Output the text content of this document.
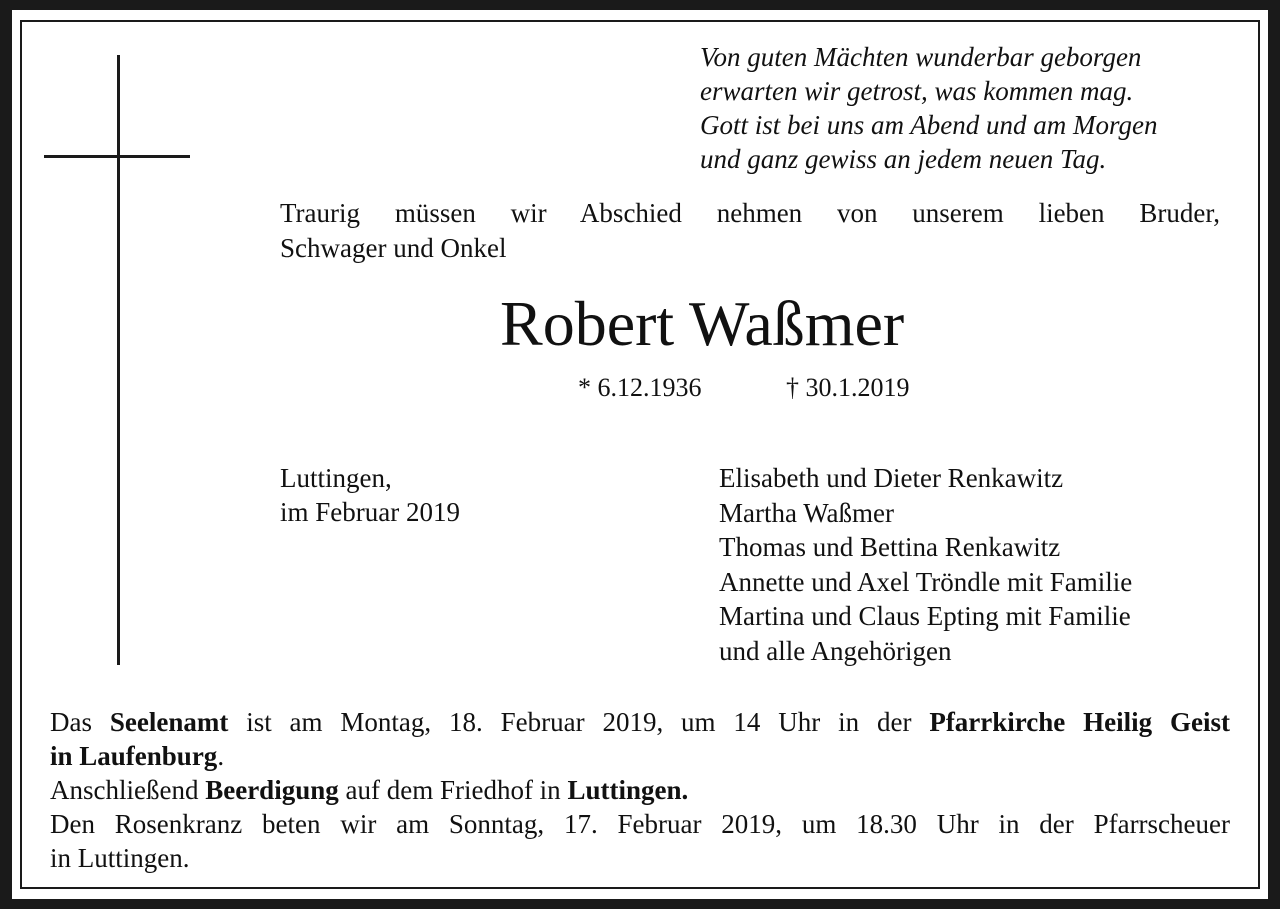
Von guten Mächten wunderbar geborgen
erwarten wir getrost, was kommen mag.
Gott ist bei uns am Abend und am Morgen
und ganz gewiss an jedem neuen Tag.
Traurig müssen wir Abschied nehmen von unserem lieben Bruder,
Schwager und Onkel
Robert Waßmer
* 6.12.1936	† 30.1.2019
Luttingen,
im Februar 2019
Elisabeth und Dieter Renkawitz
Martha Waßmer
Thomas und Bettina Renkawitz
Annette und Axel Tröndle mit Familie
Martina und Claus Epting mit Familie
und alle Angehörigen
Das Seelenamt ist am Montag, 18. Februar 2019, um 14 Uhr in der Pfarrkirche Heilig Geist
in Laufenburg.
Anschließend Beerdigung auf dem Friedhof in Luttingen.
Den Rosenkranz beten wir am Sonntag, 17. Februar 2019, um 18.30 Uhr in der Pfarrscheuer
in Luttingen.
